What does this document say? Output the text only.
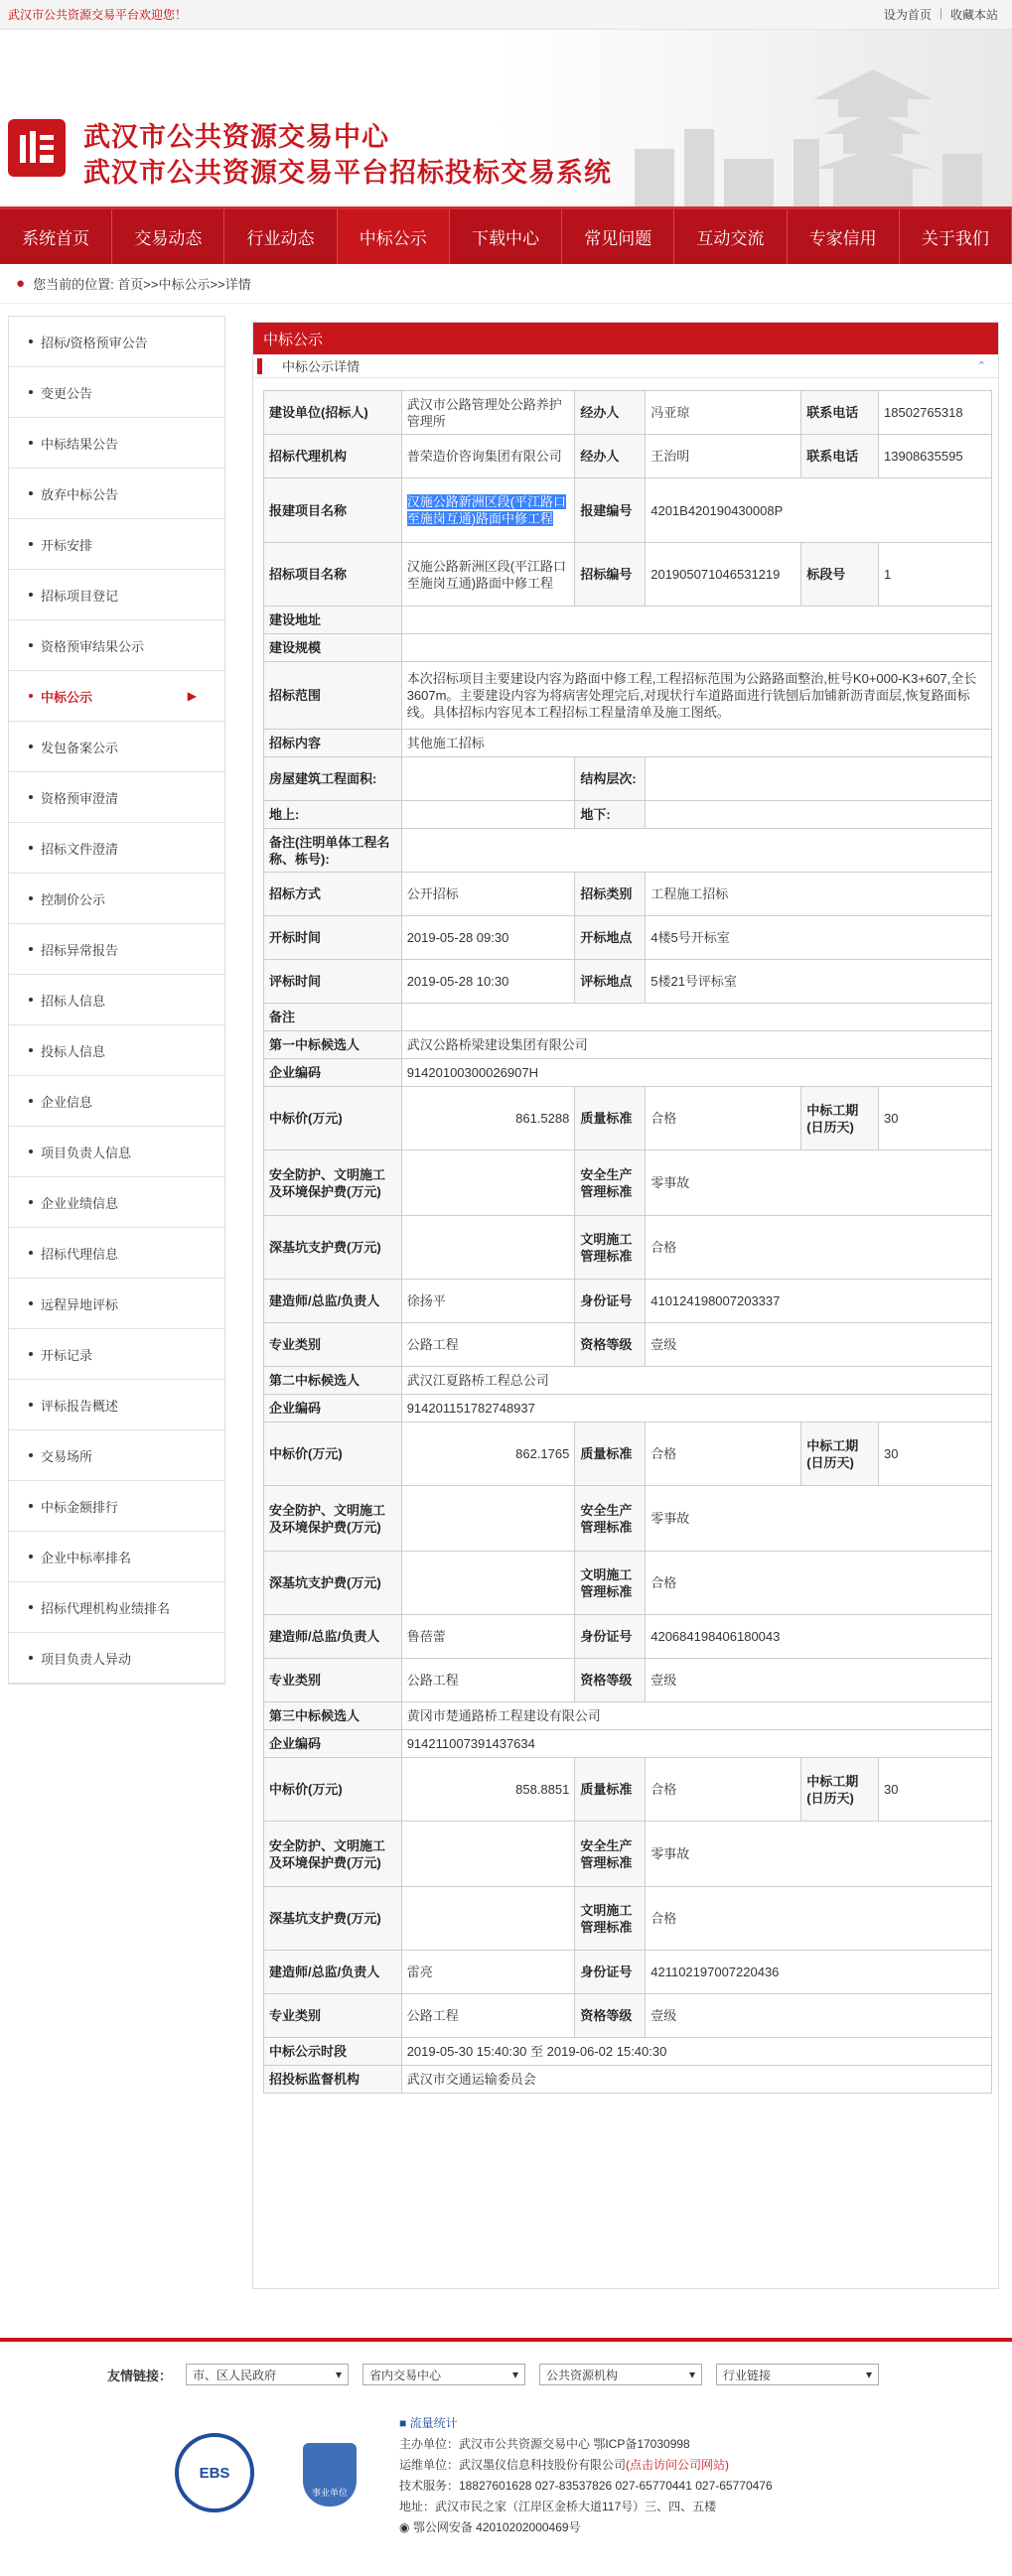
武汉市公共资源交易平台欢迎您！	设为首页 | 收藏本站
武汉市公共资源交易中心
武汉市公共资源交易平台招标投标交易系统
系统首页	交易动态	行业动态	中标公示	下载中心	常见问题	互动交流	专家信用	关于我们
● 您当前的位置: 首页>>中标公示>>详情
招标/资格预审公告
变更公告
中标结果公告
放弃中标公告
开标安排
招标项目登记
资格预审结果公示
中标公示	▶
发包备案公示
资格预审澄清
招标文件澄清
控制价公示
招标异常报告
招标人信息
投标人信息
企业信息
项目负责人信息
企业业绩信息
招标代理信息
远程异地评标
开标记录
评标报告概述
交易场所
中标金额排行
企业中标率排名
招标代理机构业绩排名
项目负责人异动
中标公示
中标公示详情	⌃
建设单位(招标人)	武汉市公路管理处公路养护管理所	经办人	冯亚琼	联系电话	18502765318
招标代理机构	普荣造价咨询集团有限公司	经办人	王治明	联系电话	13908635595
报建项目名称	汉施公路新洲区段(平江路口至施岗互通)路面中修工程	报建编号	4201B420190430008P		
招标项目名称	汉施公路新洲区段(平江路口至施岗互通)路面中修工程	招标编号	201905071046531219	标段号	1
建设地址					
建设规模					
招标范围	本次招标项目主要建设内容为路面中修工程,工程招标范围为公路路面整治,桩号K0+000-K3+607,全长3607m。主要建设内容为将病害处理完后,对现状行车道路面进行铣刨后加铺新沥青面层,恢复路面标线。具体招标内容见本工程招标工程量清单及施工图纸。				
招标内容	其他施工招标				
房屋建筑工程面积:		结构层次:			
地上:		地下:			
备注(注明单体工程名称、栋号):					
招标方式	公开招标	招标类别	工程施工招标		
开标时间	2019-05-28 09:30	开标地点	4楼5号开标室		
评标时间	2019-05-28 10:30	评标地点	5楼21号评标室		
备注					
第一中标候选人	武汉公路桥梁建设集团有限公司				
企业编码	91420100300026907H				
中标价(万元)	861.5288	质量标准	合格	中标工期(日历天)	30
安全防护、文明施工及环境保护费(万元)		安全生产管理标准	零事故		
深基坑支护费(万元)		文明施工管理标准	合格		
建造师/总监/负责人	徐扬平	身份证号	410124198007203337		
专业类别	公路工程	资格等级	壹级		
第二中标候选人	武汉江夏路桥工程总公司				
企业编码	914201151782748937				
中标价(万元)	862.1765	质量标准	合格	中标工期(日历天)	30
安全防护、文明施工及环境保护费(万元)		安全生产管理标准	零事故		
深基坑支护费(万元)		文明施工管理标准	合格		
建造师/总监/负责人	鲁蓓蕾	身份证号	420684198406180043		
专业类别	公路工程	资格等级	壹级		
第三中标候选人	黄冈市楚通路桥工程建设有限公司				
企业编码	914211007391437634				
中标价(万元)	858.8851	质量标准	合格	中标工期(日历天)	30
安全防护、文明施工及环境保护费(万元)		安全生产管理标准	零事故		
深基坑支护费(万元)		文明施工管理标准	合格		
建造师/总监/负责人	雷亮	身份证号	421102197007220436		
专业类别	公路工程	资格等级	壹级		
中标公示时段	2019-05-30 15:40:30 至 2019-06-02 15:40:30				
招投标监督机构	武汉市交通运输委员会				
友情链接： 市、区人民政府	▾ 省内交易中心	▾ 公共资源机构	▾ 行业链接	▾
EBS
事业单位
■ 流量统计
主办单位：武汉市公共资源交易中心 鄂ICP备17030998
运维单位：武汉墨仪信息科技股份有限公司(点击访问公司网站)
技术服务：18827601628 027-83537826 027-65770441 027-65770476
地址：武汉市民之家（江岸区金桥大道117号）三、四、五楼
◉ 鄂公网安备 42010202000469号
